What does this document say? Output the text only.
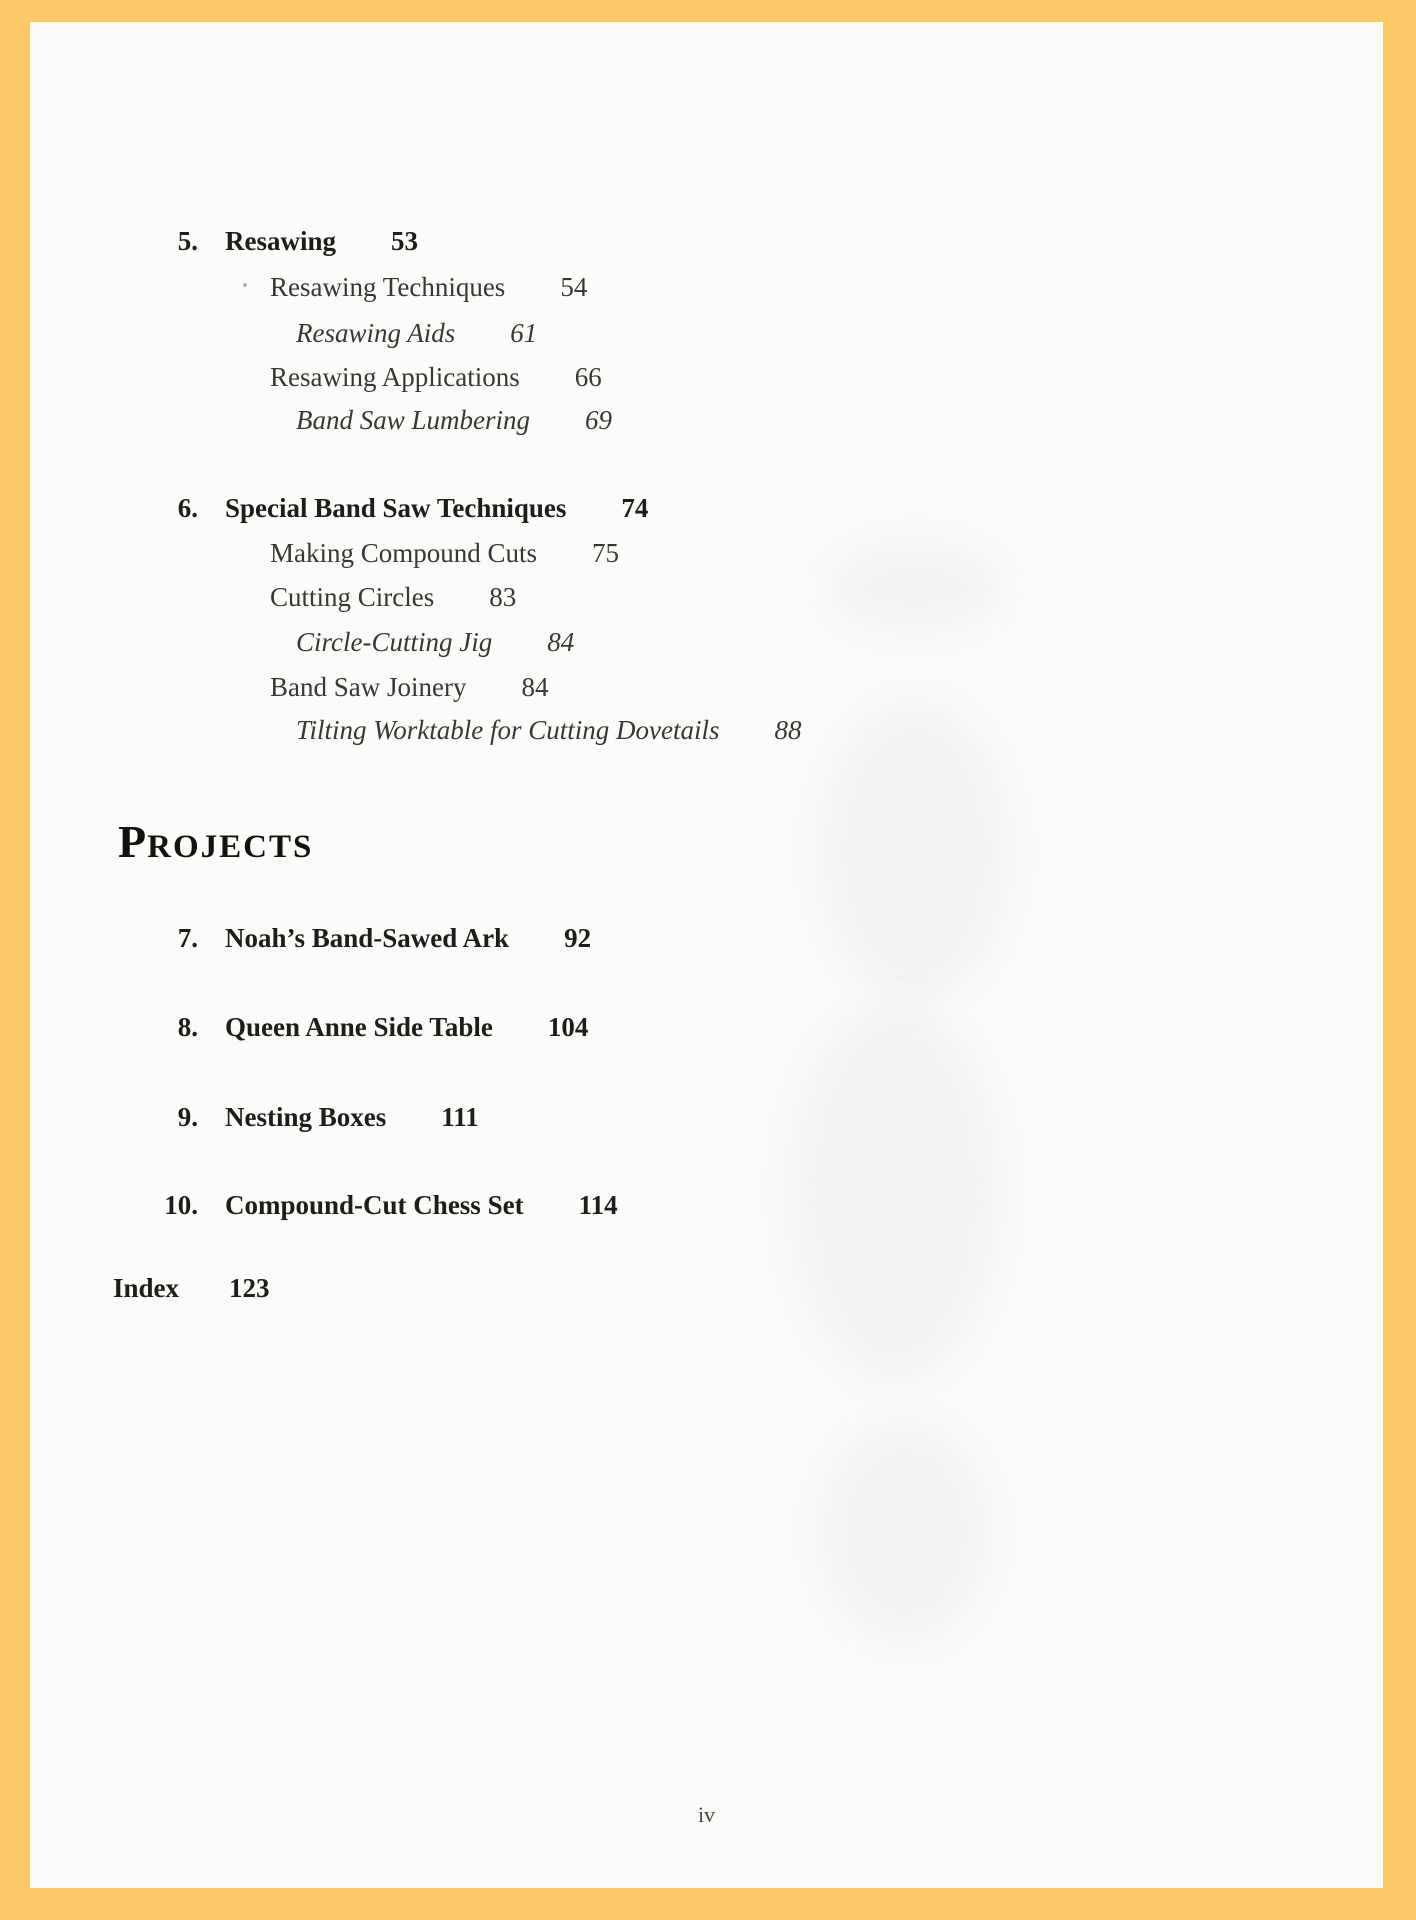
5. Resawing 53
Resawing Techniques 54
Resawing Aids 61
Resawing Applications 66
Band Saw Lumbering 69
6. Special Band Saw Techniques 74
Making Compound Cuts 75
Cutting Circles 83
Circle-Cutting Jig 84
Band Saw Joinery 84
Tilting Worktable for Cutting Dovetails 88
P ROJECTS
7. Noah’s Band-Sawed Ark 92
8. Queen Anne Side Table 104
9. Nesting Boxes 111
10. Compound-Cut Chess Set 114
Index 123
iv
